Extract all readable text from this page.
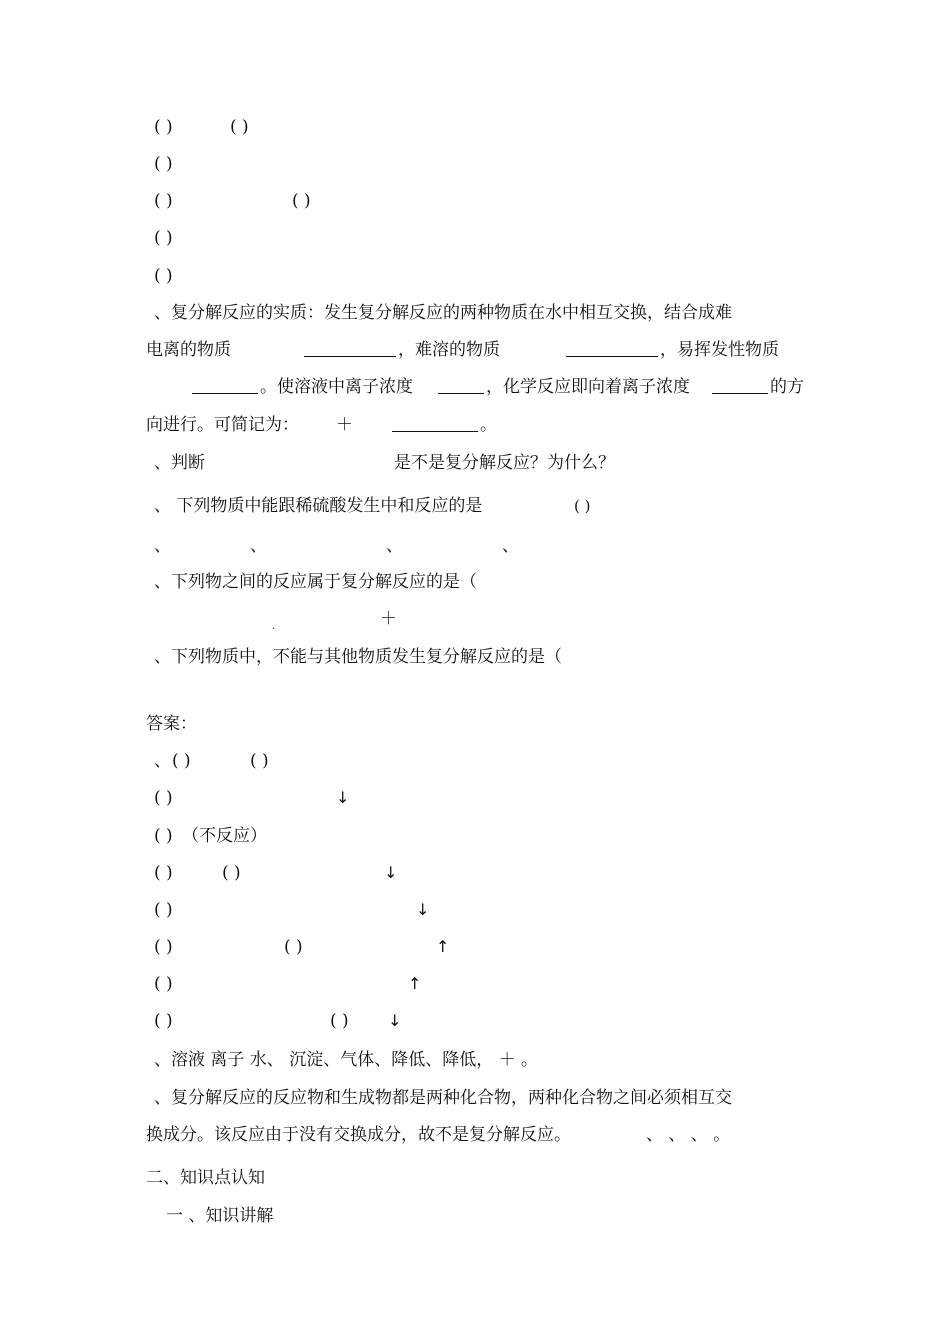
( )	( )
( )
( )	( )
( )
( )
、复分解反应的实质：发生复分解反应的两种物质在水中相互交换，结合成难
电离的物质	，难溶的物质	，易挥发性物质
。使溶液中离子浓度	，化学反应即向着离子浓度	的方
向进行。可简记为： ＋	。
、判断	是不是复分解反应？为什么？
、 下列物质中能跟稀硫酸发生中和反应的是	( )
、	、	、	、
、下列物之间的反应属于复分解反应的是（
＋
.
、下列物质中，不能与其他物质发生复分解反应的是（
答案：
、 ( )	( )
( )	↓
( ) （不反应）
( )	( )	↓
( )	↓
( )	( )	↑
( )	↑
( )	( ) ↓
、溶液 离子 水、 沉淀、气体、降低、降低， ＋ 。
、复分解反应的反应物和生成物都是两种化合物，两种化合物之间必须相互交
换成分。该反应由于没有交换成分，故不是复分解反应。	、 、 、 。
二、知识点认知
一 、知识讲解
